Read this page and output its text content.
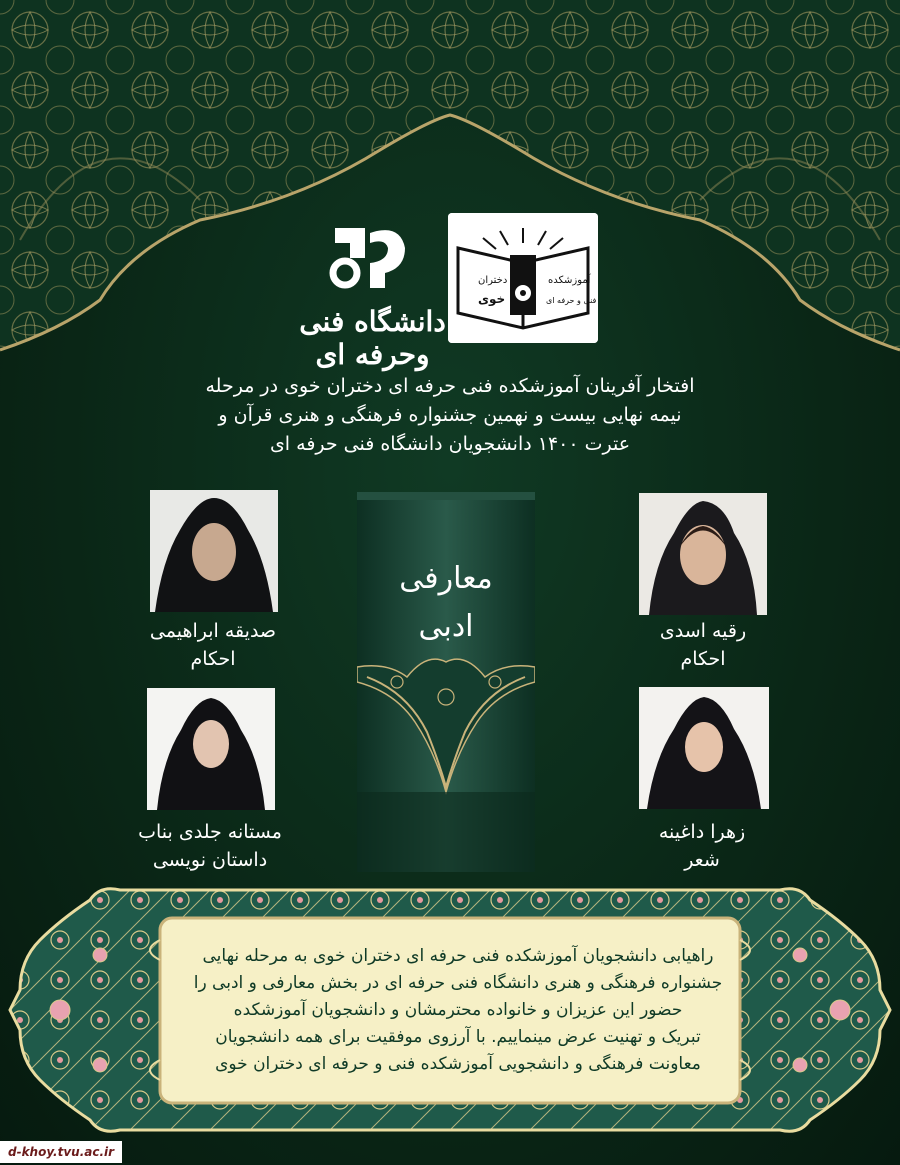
دانشگاه فنی وحرفه ای
دختران
خوی
آموزشکده
فنی و حرفه ای
افتخار آفرینان آموزشکده فنی حرفه ای دختران خوی در مرحله
نیمه نهایی بیست و نهمین جشنواره فرهنگی و هنری قرآن و
عترت ۱۴۰۰ دانشجویان دانشگاه فنی حرفه ای
معارفی
ادبی	رقیه اسدی
احکام
صدیقه ابراهیمی
احکام
زهرا داغینه
شعر
مستانه جلدی بناب
داستان نویسی
راهیابی دانشجویان آموزشکده فنی حرفه ای دختران خوی به مرحله نهایی
جشنواره فرهنگی و هنری دانشگاه فنی حرفه ای در بخش معارفی و ادبی را
حضور این عزیزان و خانواده محترمشان و دانشجویان آموزشکده
تبریک و تهنیت عرض مینماییم. با آرزوی موفقیت برای همه دانشجویان
معاونت فرهنگی و دانشجویی آموزشکده فنی و حرفه ای دختران خوی
d-khoy.tvu.ac.ir
